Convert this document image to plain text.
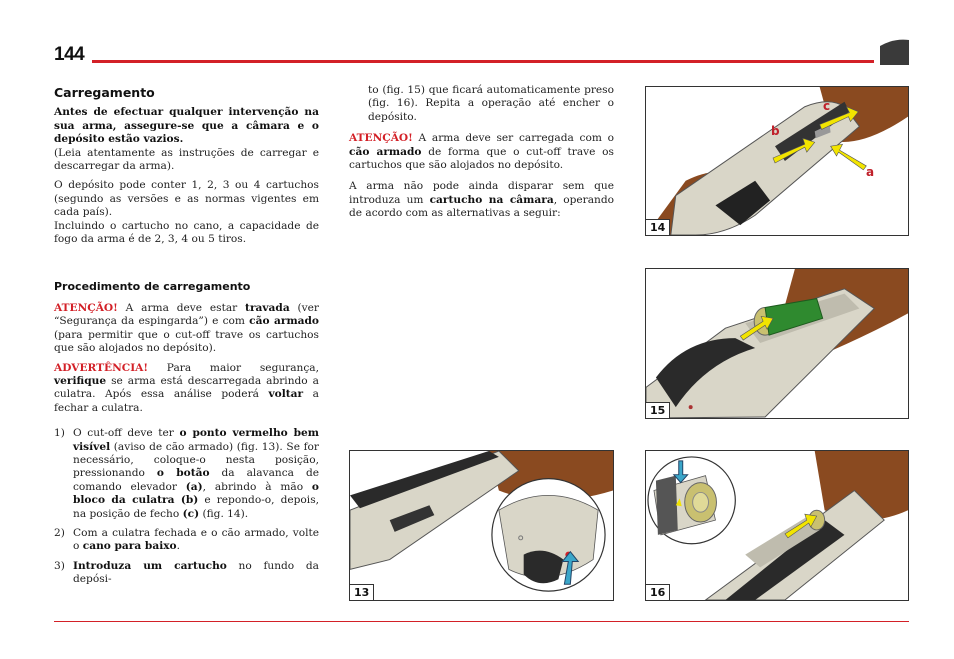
144
Carregamento

Antes de efectuar qualquer intervenção na sua arma, assegure-se que a câmara e o depósito estão vazios.
(Leia atentamente as instruções de carregar e descarregar da arma).

O depósito pode conter 1, 2, 3 ou 4 cartuchos (segundo as versões e as normas vigentes em cada país).

Incluindo o cartucho no cano, a capacidade de fogo da arma é de 2, 3, 4 ou 5 tiros.

Procedimento de carregamento

ATENÇÃO! A arma deve estar travada (ver “Segurança da espingarda”) e com cão armado (para permitir que o cut-off trave os cartuchos que são alojados no depósito).

ADVERTÊNCIA! Para maior segurança, verifique se arma está descarregada abrindo a culatra. Após essa análise poderá voltar a fechar a culatra.

1) O cut-off deve ter o ponto vermelho bem visível (aviso de cão armado) (fig. 13). Se for necessário, coloque-o nesta posição, pressionando o botão da alavanca de comando elevador (a), abrindo à mão o bloco da culatra (b) e repondo-o, depois, na posição de fecho (c) (fig. 14).
2) Com a culatra fechada e o cão armado, volte o cano para baixo.
3) Introduza um cartucho no fundo da depósi-

to (fig. 15) que ficará automaticamente preso (fig. 16). Repita a operação até encher o depósito.

ATENÇÃO! A arma deve ser carregada com o cão armado de forma que o cut-off trave os cartuchos que são alojados no depósito.

A arma não pode ainda disparar sem que introduza um cartucho na câmara, operando de acordo com as alternativas a seguir:

c
b
a
14
15
13	16
